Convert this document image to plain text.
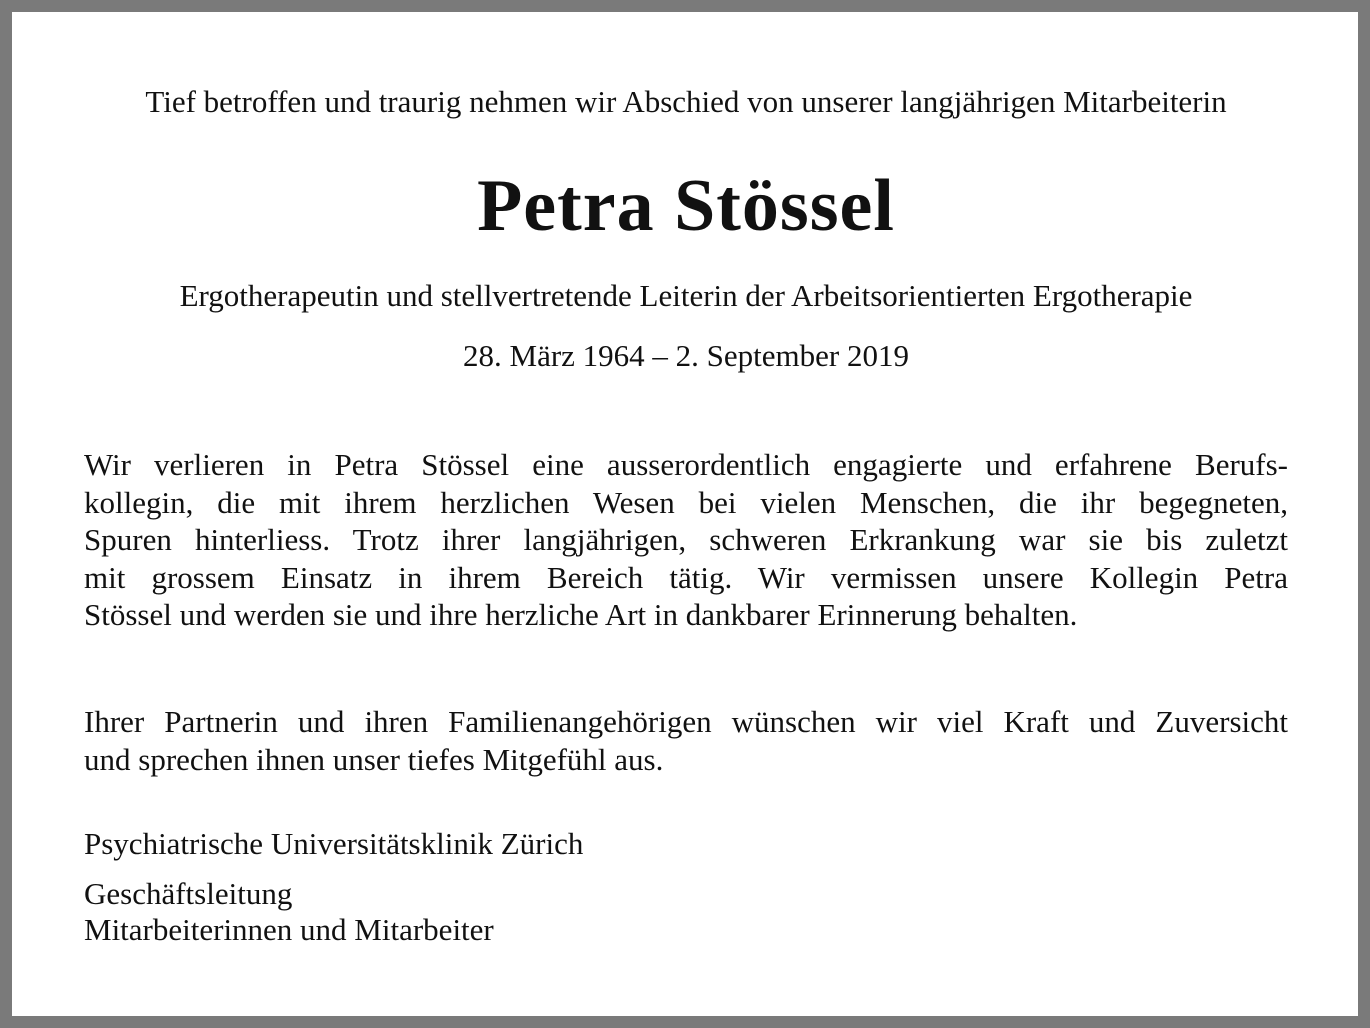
Tief betroffen und traurig nehmen wir Abschied von unserer langjährigen Mitarbeiterin
Petra Stössel
Ergotherapeutin und stellvertretende Leiterin der Arbeitsorientierten Ergotherapie
28. März 1964 – 2. September 2019
Wir verlieren in Petra Stössel eine ausserordentlich engagierte und erfahrene Berufs-
kollegin, die mit ihrem herzlichen Wesen bei vielen Menschen, die ihr begegneten,
Spuren hinterliess. Trotz ihrer langjährigen, schweren Erkrankung war sie bis zuletzt
mit grossem Einsatz in ihrem Bereich tätig. Wir vermissen unsere Kollegin Petra
Stössel und werden sie und ihre herzliche Art in dankbarer Erinnerung behalten.
Ihrer Partnerin und ihren Familienangehörigen wünschen wir viel Kraft und Zuversicht
und sprechen ihnen unser tiefes Mitgefühl aus.
Psychiatrische Universitätsklinik Zürich
Geschäftsleitung
Mitarbeiterinnen und Mitarbeiter
